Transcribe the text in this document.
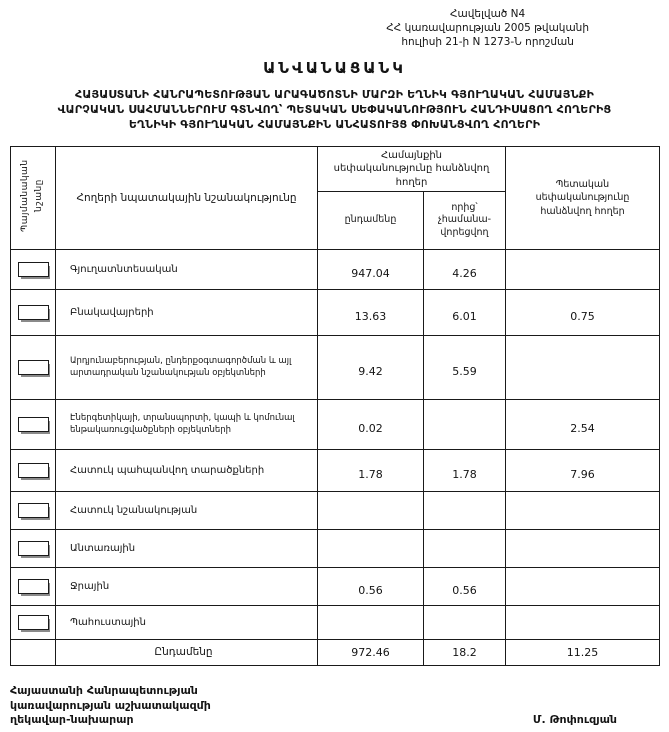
Հավելված N4
ՀՀ կառավարության 2005 թվականի
հուլիսի 21-ի N 1273-Ն որոշման
ԱՆՎԱՆԱՑԱՆԿ
ՀԱՅԱՍՏԱՆԻ ՀԱՆՐԱՊԵՏՈՒԹՅԱՆ ԱՐԱԳԱԾՈՏՆԻ ՄԱՐԶԻ ԵՂՆԻԿ ԳՅՈՒՂԱԿԱՆ ՀԱՄԱՅՆՔԻ
ՎԱՐՉԱԿԱՆ ՍԱՀՄԱՆՆԵՐՈՒՄ ԳՏՆՎՈՂ՝ ՊԵՏԱԿԱՆ ՍԵՓԱԿԱՆՈՒԹՅՈՒՆ ՀԱՆԴԻՍԱՑՈՂ ՀՈՂԵՐԻՑ
ԵՂՆԻԿԻ ԳՅՈՒՂԱԿԱՆ ՀԱՄԱՅՆՔԻՆ ԱՆՀԱՏՈՒՅՑ ՓՈԽԱՆՑՎՈՂ ՀՈՂԵՐԻ
Պայմանական նշանը	Հողերի նպատակային նշանակությունը	Համայնքին սեփականությունը հանձնվող հողեր		Պետական սեփականությունը հանձնվող հողեր
		ընդամենը	որից՝ չհամանա-վորեցվող	

	Գյուղատնտեսական	947.04	4.26	

	Բնակավայրերի	13.63	6.01	0.75

	Արդյունաբերության, ընդերքօգտագործման և այլ արտադրական նշանակության օբյեկտների	9.42	5.59	

	Էներգետիկայի, տրանսպորտի, կապի և կոմունալ ենթակառուցվածքների օբյեկտների	0.02		2.54

	Հատուկ պահպանվող տարածքների	1.78	1.78	7.96

	Հատուկ նշանակության			

	Անտառային			

	Ջրային	0.56	0.56	

	Պահուստային			
	Ընդամենը	972.46	18.2	11.25
Հայաստանի Հանրապետության
կառավարության աշխատակազմի
ղեկավար-նախարար	Մ. Թոփուզյան
